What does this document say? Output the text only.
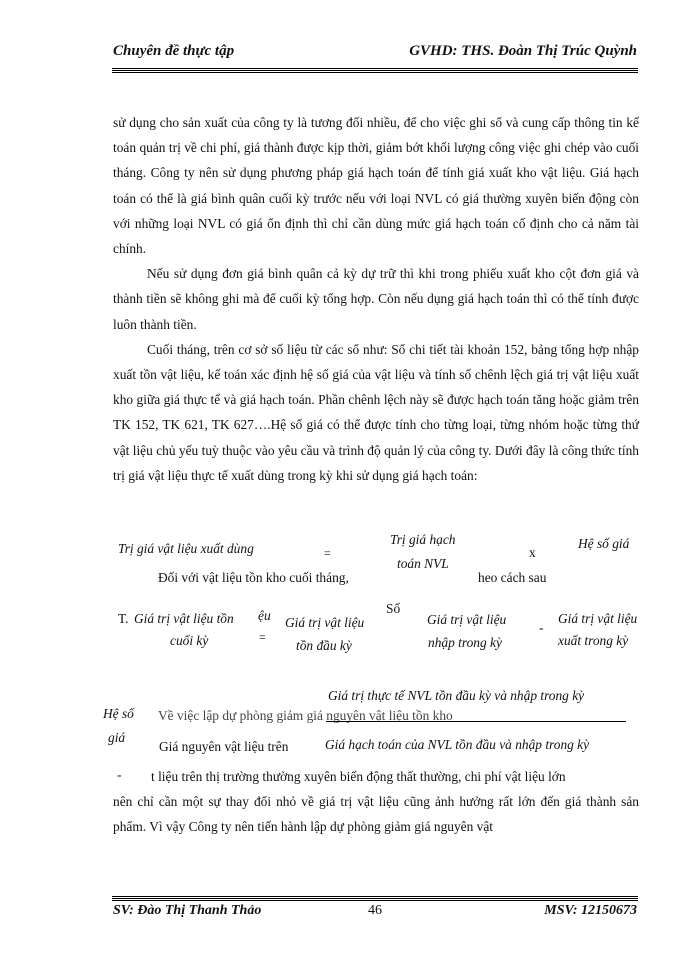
Chuyên đề thực tập	GVHD: THS. Đoàn Thị Trúc Quỳnh

sử dụng cho sản xuất của công ty là tương đối nhiều, để cho việc ghi sổ và cung cấp thông tin kế toán quản trị về chi phí, giá thành được kịp thời, giảm bớt khối lượng công việc ghi chép vào cuối tháng. Công ty nên sử dụng phương pháp giá hạch toán để tính giá xuất kho vật liệu. Giá hạch toán có thể là giá bình quân cuối kỳ trước nếu với loại NVL có giá thường xuyên biến động còn với những loại NVL có giá ổn định thì chỉ cần dùng mức giá hạch toán cố định cho cả năm tài chính.

Nếu sử dụng đơn giá bình quân cả kỳ dự trữ thì khi trong phiếu xuất kho cột đơn giá và thành tiền sẽ không ghi mà để cuối kỳ tổng hợp. Còn nếu dụng giá hạch toán thì có thể tính được luôn thành tiền.

Cuối tháng, trên cơ sở số liệu từ các sổ như: Sổ chi tiết tài khoản 152, bảng tổng hợp nhập xuất tồn vật liệu, kế toán xác định hệ số giá của vật liệu và tính số chênh lệch giá trị vật liệu xuất kho giữa giá thực tế và giá hạch toán. Phần chênh lệch này sẽ được hạch toán tăng hoặc giảm trên TK 152, TK 621, TK 627….Hệ số giá có thể được tính cho từng loại, từng nhóm hoặc từng thứ vật liệu chủ yếu tuỳ thuộc vào yêu cầu và trình độ quản lý của công ty. Dưới đây là công thức tính trị giá vật liệu thực tế xuất dùng trong kỳ khi sử dụng giá hạch toán:

Trị giá vật liệu xuất dùng	=
Trị giá hạch
toán NVL
x
Hệ số giá
Đối với vật liệu tồn kho cuối tháng,	heo cách sau
T. Giá trị vật liệu tồn ệu
cuối kỳ	=
Giá trị vật liệu
tồn đầu kỳ
Số
Giá trị vật liệu
nhập trong kỳ
-
Giá trị vật liệu
xuất trong kỳ
Hệ số
giá
Về việc lập dự phòng giảm giá nguyên vật liệu tồn kho
Giá trị thực tế NVL tồn đầu kỳ và nhập trong kỳ
Giá nguyên vật liệu trên	Giá hạch toán của NVL tồn đầu và nhập trong kỳ
-	t liệu trên thị trường thường xuyên biến động thất thường, chi phí vật liệu lớn

nên chỉ cần một sự thay đổi nhỏ về giá trị vật liệu cũng ảnh hưởng rất lớn đến giá thành sản phẩm. Vì vậy Công ty nên tiến hành lập dự phòng giảm giá nguyên vật

SV: Đào Thị Thanh Thảo	46	MSV: 12150673
